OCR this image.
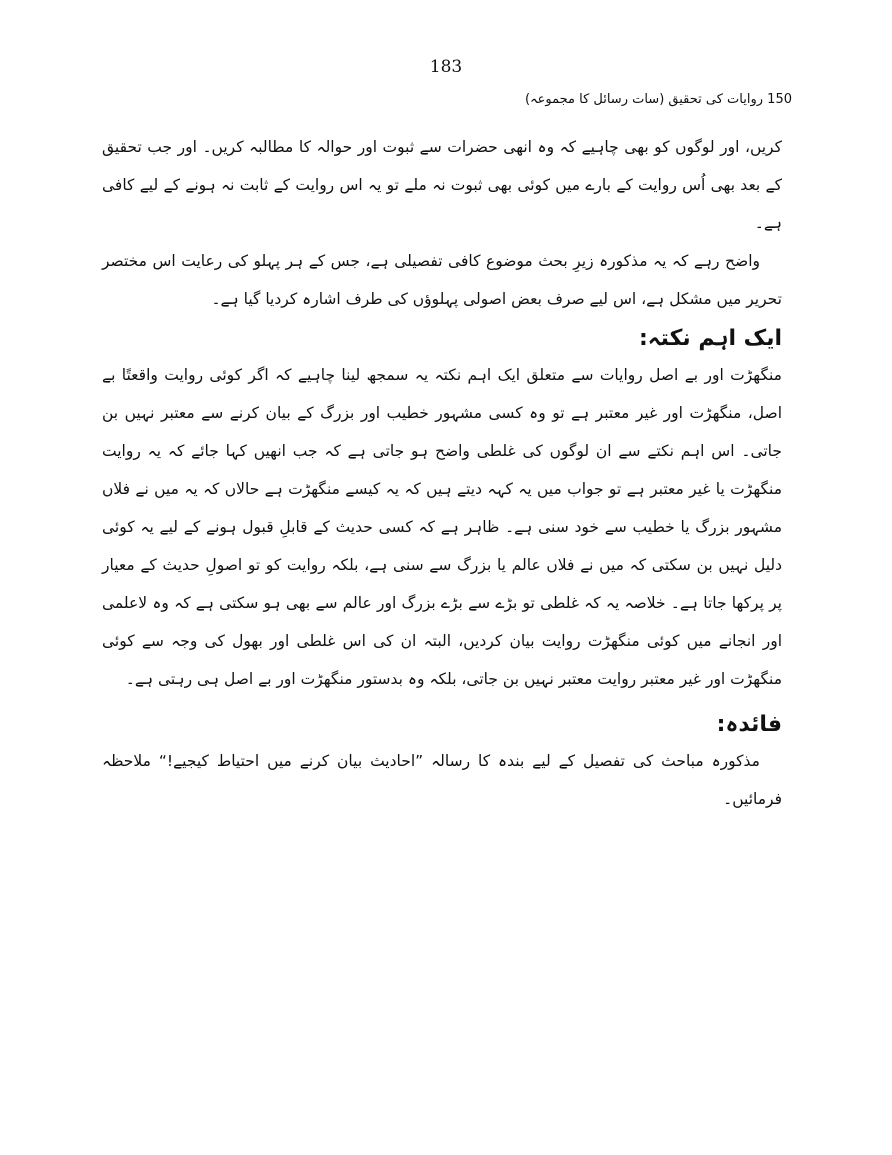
183
150 روایات کی تحقیق (سات رسائل کا مجموعہ)

کریں، اور لوگوں کو بھی چاہیے کہ وہ انھی حضرات سے ثبوت اور حوالہ کا مطالبہ کریں۔ اور جب تحقیق کے بعد بھی اُس روایت کے بارے میں کوئی بھی ثبوت نہ ملے تو یہ اس روایت کے ثابت نہ ہونے کے لیے کافی ہے۔

واضح رہے کہ یہ مذکورہ زیرِ بحث موضوع کافی تفصیلی ہے، جس کے ہر پہلو کی رعایت اس مختصر تحریر میں مشکل ہے، اس لیے صرف بعض اصولی پہلوؤں کی طرف اشارہ کردیا گیا ہے۔

ایک اہم نکتہ:

منگھڑت اور بے اصل روایات سے متعلق ایک اہم نکتہ یہ سمجھ لینا چاہیے کہ اگر کوئی روایت واقعتًا بے اصل، منگھڑت اور غیر معتبر ہے تو وہ کسی مشہور خطیب اور بزرگ کے بیان کرنے سے معتبر نہیں بن جاتی۔ اس اہم نکتے سے ان لوگوں کی غلطی واضح ہو جاتی ہے کہ جب انھیں کہا جائے کہ یہ روایت منگھڑت یا غیر معتبر ہے تو جواب میں یہ کہہ دیتے ہیں کہ یہ کیسے منگھڑت ہے حالاں کہ یہ میں نے فلاں مشہور بزرگ یا خطیب سے خود سنی ہے۔ ظاہر ہے کہ کسی حدیث کے قابلِ قبول ہونے کے لیے یہ کوئی دلیل نہیں بن سکتی کہ میں نے فلاں عالم یا بزرگ سے سنی ہے، بلکہ روایت کو تو اصولِ حدیث کے معیار پر پرکھا جاتا ہے۔ خلاصہ یہ کہ غلطی تو بڑے سے بڑے بزرگ اور عالم سے بھی ہو سکتی ہے کہ وہ لاعلمی اور انجانے میں کوئی منگھڑت روایت بیان کردیں، البتہ ان کی اس غلطی اور بھول کی وجہ سے کوئی منگھڑت اور غیر معتبر روایت معتبر نہیں بن جاتی، بلکہ وہ بدستور منگھڑت اور بے اصل ہی رہتی ہے۔

فائدہ:

مذکورہ مباحث کی تفصیل کے لیے بندہ کا رسالہ ”احادیث بیان کرنے میں احتیاط کیجیے!“ ملاحظہ فرمائیں۔
